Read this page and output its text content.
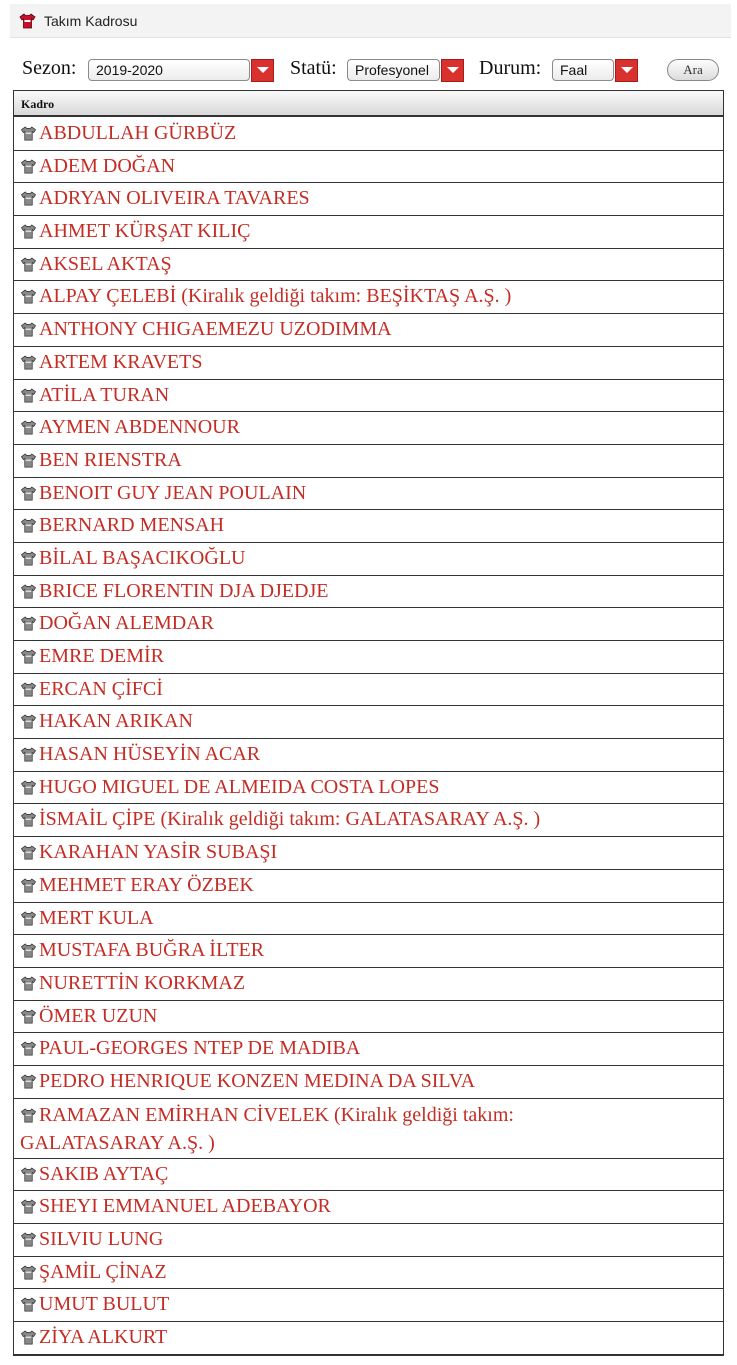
Takım Kadrosu
Sezon:	2019-2020	Statü:	Profesyonel	Durum:	Faal	Ara
Kadro
ABDULLAH GÜRBÜZ
ADEM DOĞAN
ADRYAN OLIVEIRA TAVARES
AHMET KÜRŞAT KILIÇ
AKSEL AKTAŞ
ALPAY ÇELEBİ (Kiralık geldiği takım: BEŞİKTAŞ A.Ş. )
ANTHONY CHIGAEMEZU UZODIMMA
ARTEM KRAVETS
ATİLA TURAN
AYMEN ABDENNOUR
BEN RIENSTRA
BENOIT GUY JEAN POULAIN
BERNARD MENSAH
BİLAL BAŞACIKOĞLU
BRICE FLORENTIN DJA DJEDJE
DOĞAN ALEMDAR
EMRE DEMİR
ERCAN ÇİFCİ
HAKAN ARIKAN
HASAN HÜSEYİN ACAR
HUGO MIGUEL DE ALMEIDA COSTA LOPES
İSMAİL ÇİPE (Kiralık geldiği takım: GALATASARAY A.Ş. )
KARAHAN YASİR SUBAŞI
MEHMET ERAY ÖZBEK
MERT KULA
MUSTAFA BUĞRA İLTER
NURETTİN KORKMAZ
ÖMER UZUN
PAUL-GEORGES NTEP DE MADIBA
PEDRO HENRIQUE KONZEN MEDINA DA SILVA
RAMAZAN EMİRHAN CİVELEK (Kiralık geldiği takım: GALATASARAY A.Ş. )
SAKIB AYTAÇ
SHEYI EMMANUEL ADEBAYOR
SILVIU LUNG
ŞAMİL ÇİNAZ
UMUT BULUT
ZİYA ALKURT
